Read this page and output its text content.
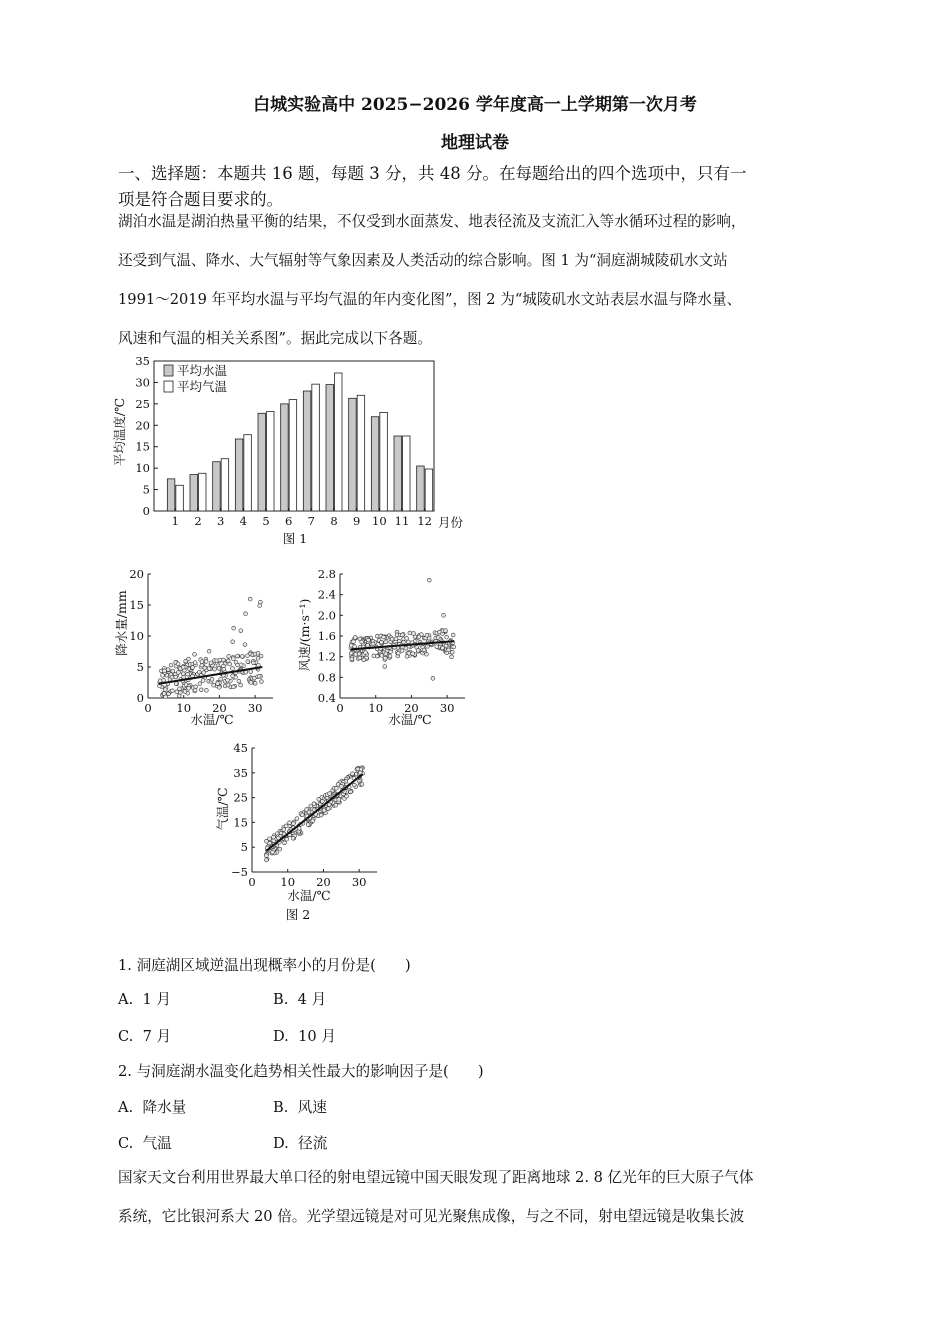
白城实验高中 2025−2026 学年度高一上学期第一次月考
地理试卷
一、选择题：本题共 16 题，每题 3 分，共 48 分。在每题给出的四个选项中，只有一
项是符合题目要求的。
湖泊水温是湖泊热量平衡的结果，不仅受到水面蒸发、地表径流及支流汇入等水循环过程的影响，
还受到气温、降水、大气辐射等气象因素及人类活动的综合影响。图 1 为“洞庭湖城陵矶水文站
1991～2019 年平均水温与平均气温的年内变化图”，图 2 为“城陵矶水文站表层水温与降水量、
风速和气温的相关关系图”。据此完成以下各题。
0
5
10
15
20
25
30
35
1 2 3 4 5 6 7 8 9 10 11 12
平均温度/℃
月份
图 1
平均水温
平均气温
0
5
10
15
20
0 10 20 30
降水量/mm
水温/℃
0.4
0.8
1.2
1.6
2.0
2.4
2.8
0 10 20 30
风速/(m·s⁻¹)
水温/℃
−5
5
15
25
35
45
0 10 20 30
气温/℃
水温/℃
图 2
1. 洞庭湖区域逆温出现概率小的月份是(　　)
A. 1 月	B. 4 月
C. 7 月	D. 10 月
2. 与洞庭湖水温变化趋势相关性最大的影响因子是(　　)
A. 降水量	B. 风速
C. 气温	D. 径流
国家天文台利用世界最大单口径的射电望远镜中国天眼发现了距离地球 2. 8 亿光年的巨大原子气体
系统，它比银河系大 20 倍。光学望远镜是对可见光聚焦成像，与之不同，射电望远镜是收集长波
